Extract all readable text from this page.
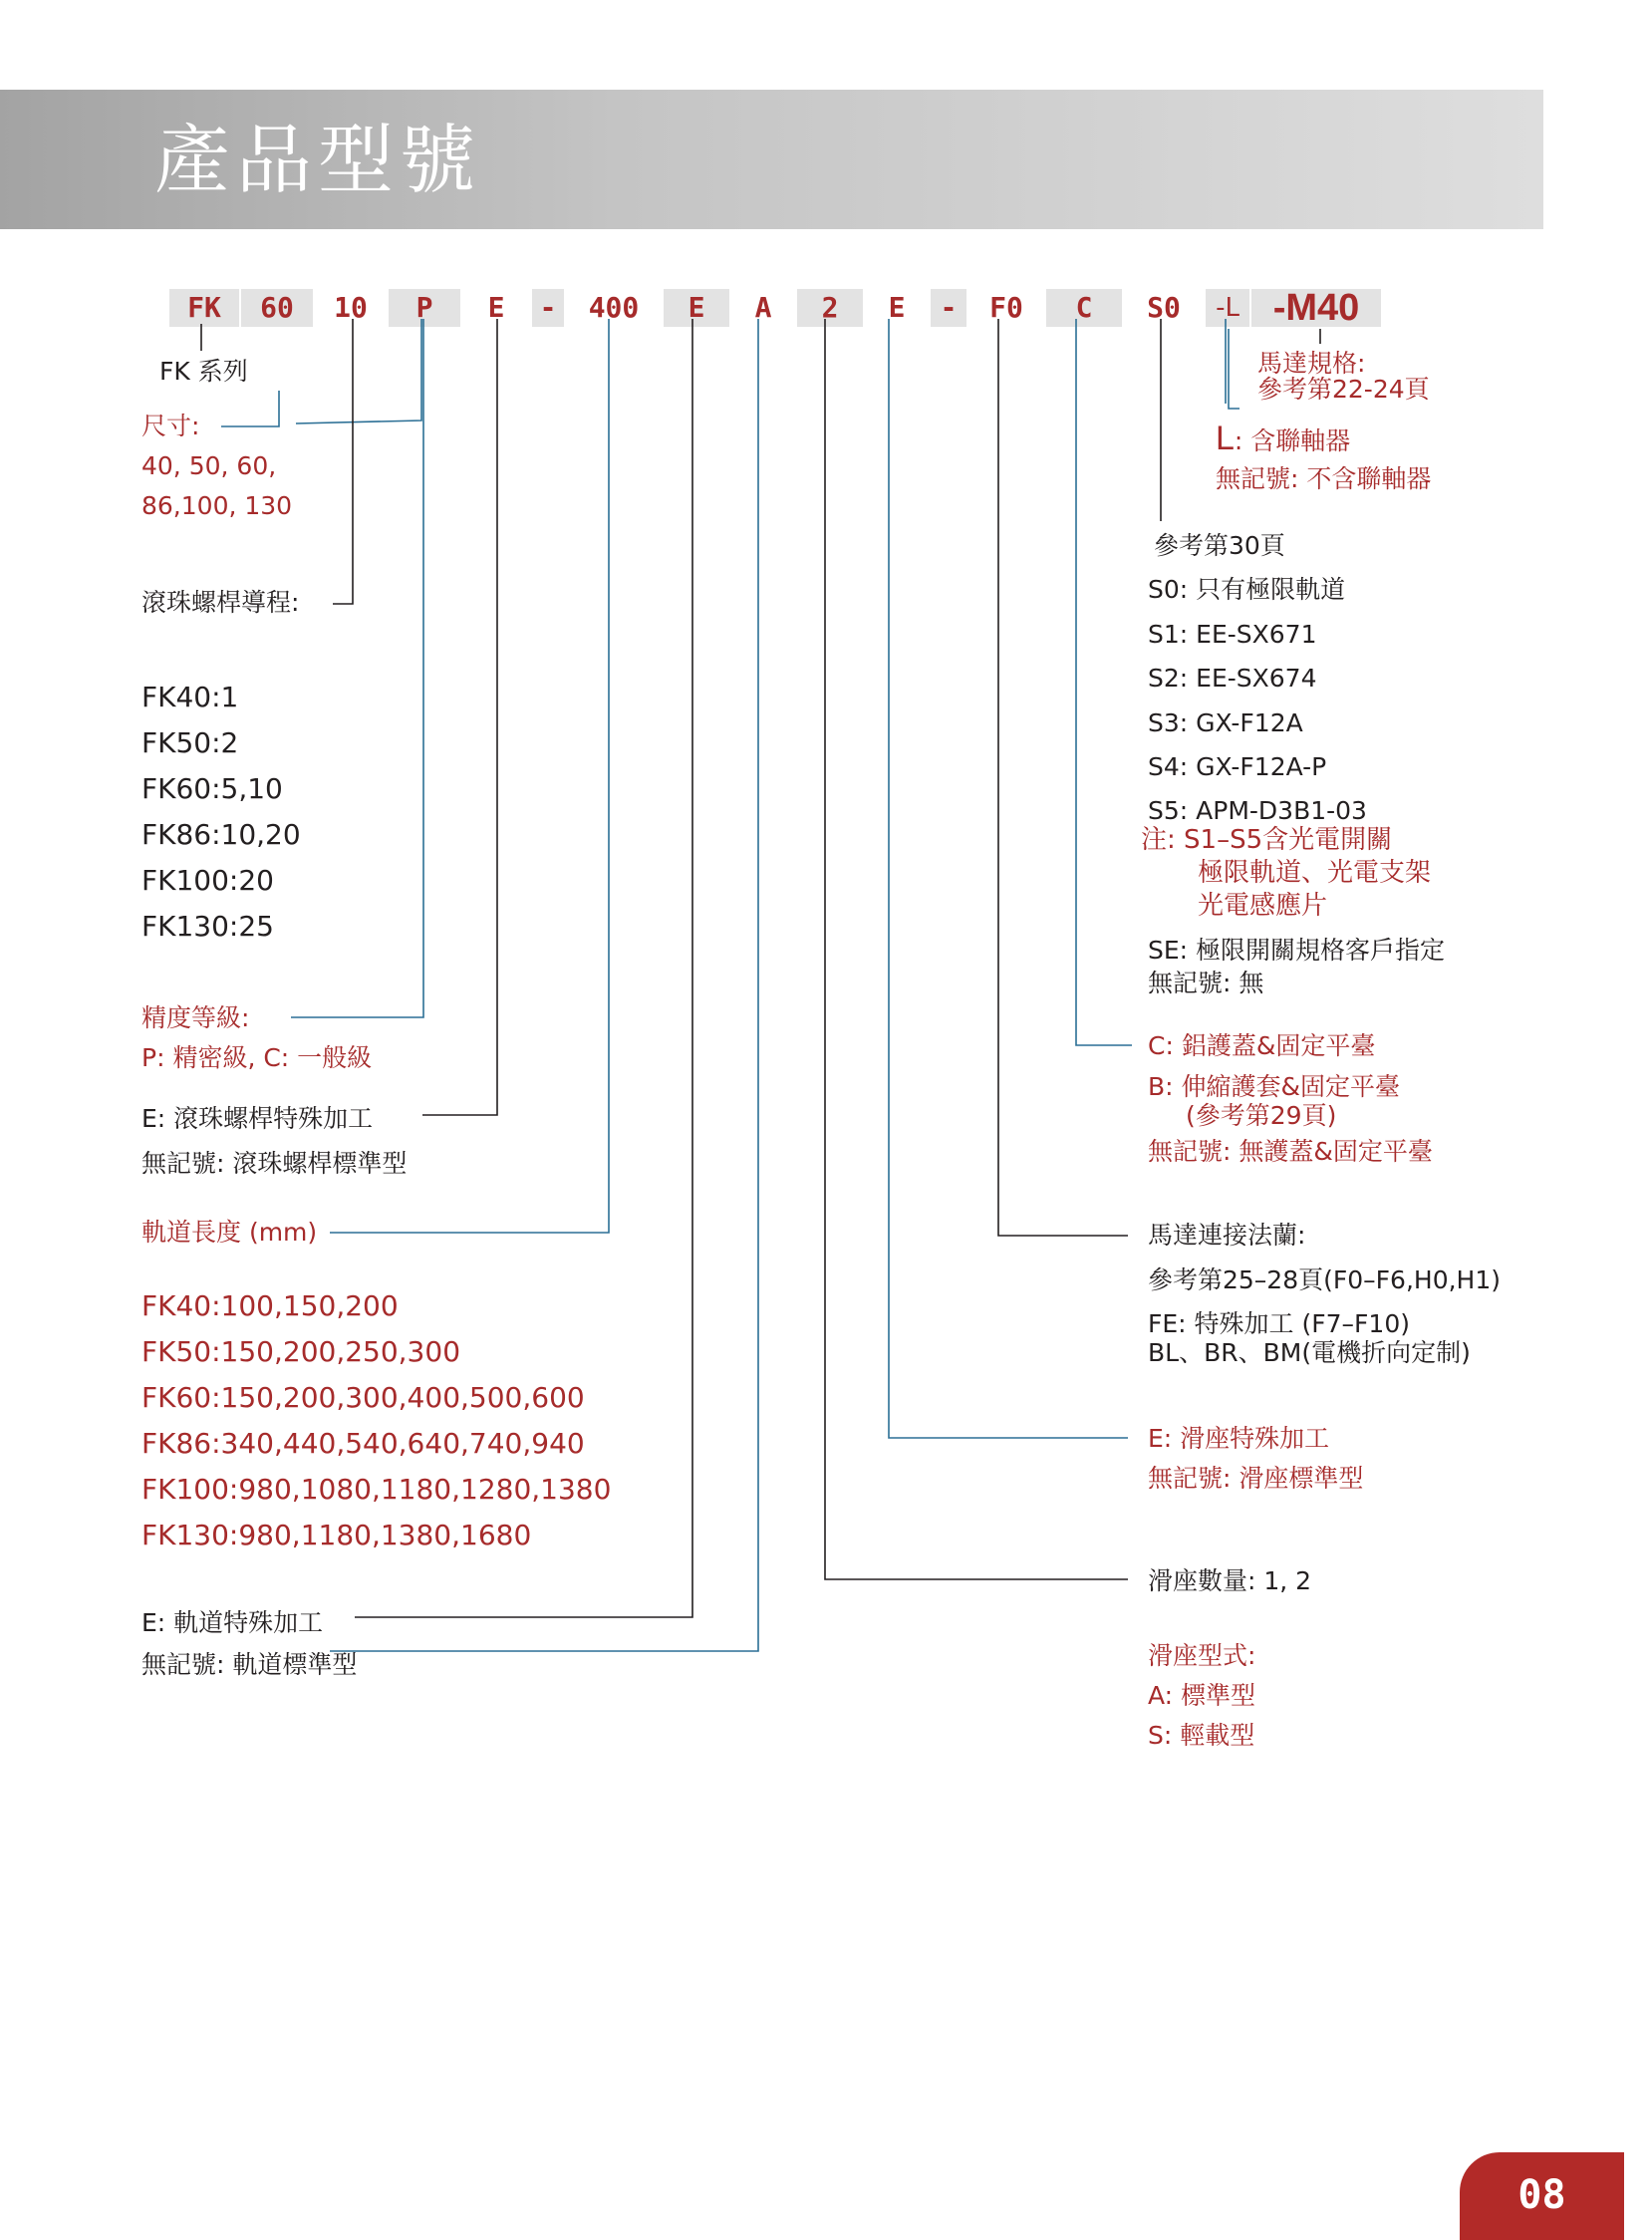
產品型號
FK	60	10	P	E	-	400	E	A	2	E	-	F0	C	S0	-L -M40
FK 系列
尺寸:
40, 50, 60,
86,100, 130
滾珠螺桿導程:
FK40:1
FK50:2
FK60:5,10
FK86:10,20
FK100:20
FK130:25
精度等級:
P: 精密級, C: 一般級
E: 滾珠螺桿特殊加工
無記號: 滾珠螺桿標準型
軌道長度 (mm)
FK40:100,150,200
FK50:150,200,250,300
FK60:150,200,300,400,500,600
FK86:340,440,540,640,740,940
FK100:980,1080,1180,1280,1380
FK130:980,1180,1380,1680
E: 軌道特殊加工
無記號: 軌道標準型
馬達規格:
參考第22-24頁
L: 含聯軸器
無記號: 不含聯軸器
參考第30頁
S0: 只有極限軌道
S1: EE-SX671
S2: EE-SX674
S3: GX-F12A
S4: GX-F12A-P
S5: APM-D3B1-03
注: S1–S5含光電開關
極限軌道、光電支架
光電感應片
SE: 極限開關規格客戶指定
無記號: 無
C: 鋁護蓋&固定平臺
B: 伸縮護套&固定平臺
(參考第29頁)
無記號: 無護蓋&固定平臺
馬達連接法蘭:
參考第25–28頁(F0–F6,H0,H1)
FE: 特殊加工 (F7–F10)
BL、BR、BM(電機折向定制)
E: 滑座特殊加工
無記號: 滑座標準型
滑座數量: 1, 2
滑座型式:
A: 標準型
S: 輕載型
08
